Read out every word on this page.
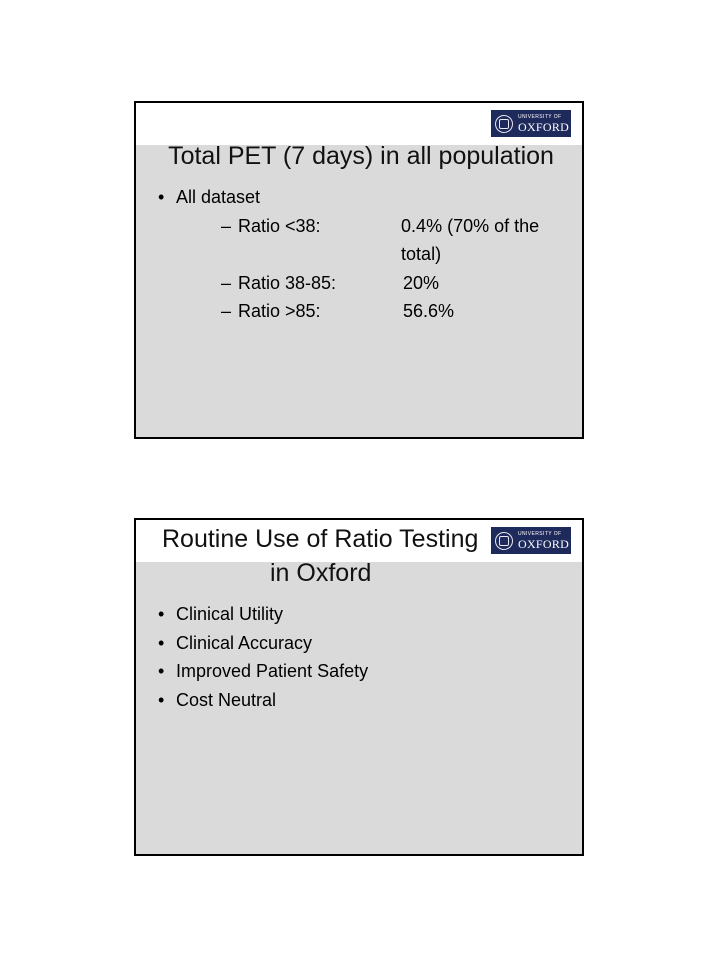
UNIVERSITY OF
OXFORD
Total PET (7 days) in all population
• All dataset
– Ratio <38:	0.4% (70% of the total)
– Ratio 38-85:	20%
– Ratio >85:	56.6%
UNIVERSITY OF
OXFORD
Routine Use of Ratio Testing
in Oxford
• Clinical Utility
• Clinical Accuracy
• Improved Patient Safety
• Cost Neutral
